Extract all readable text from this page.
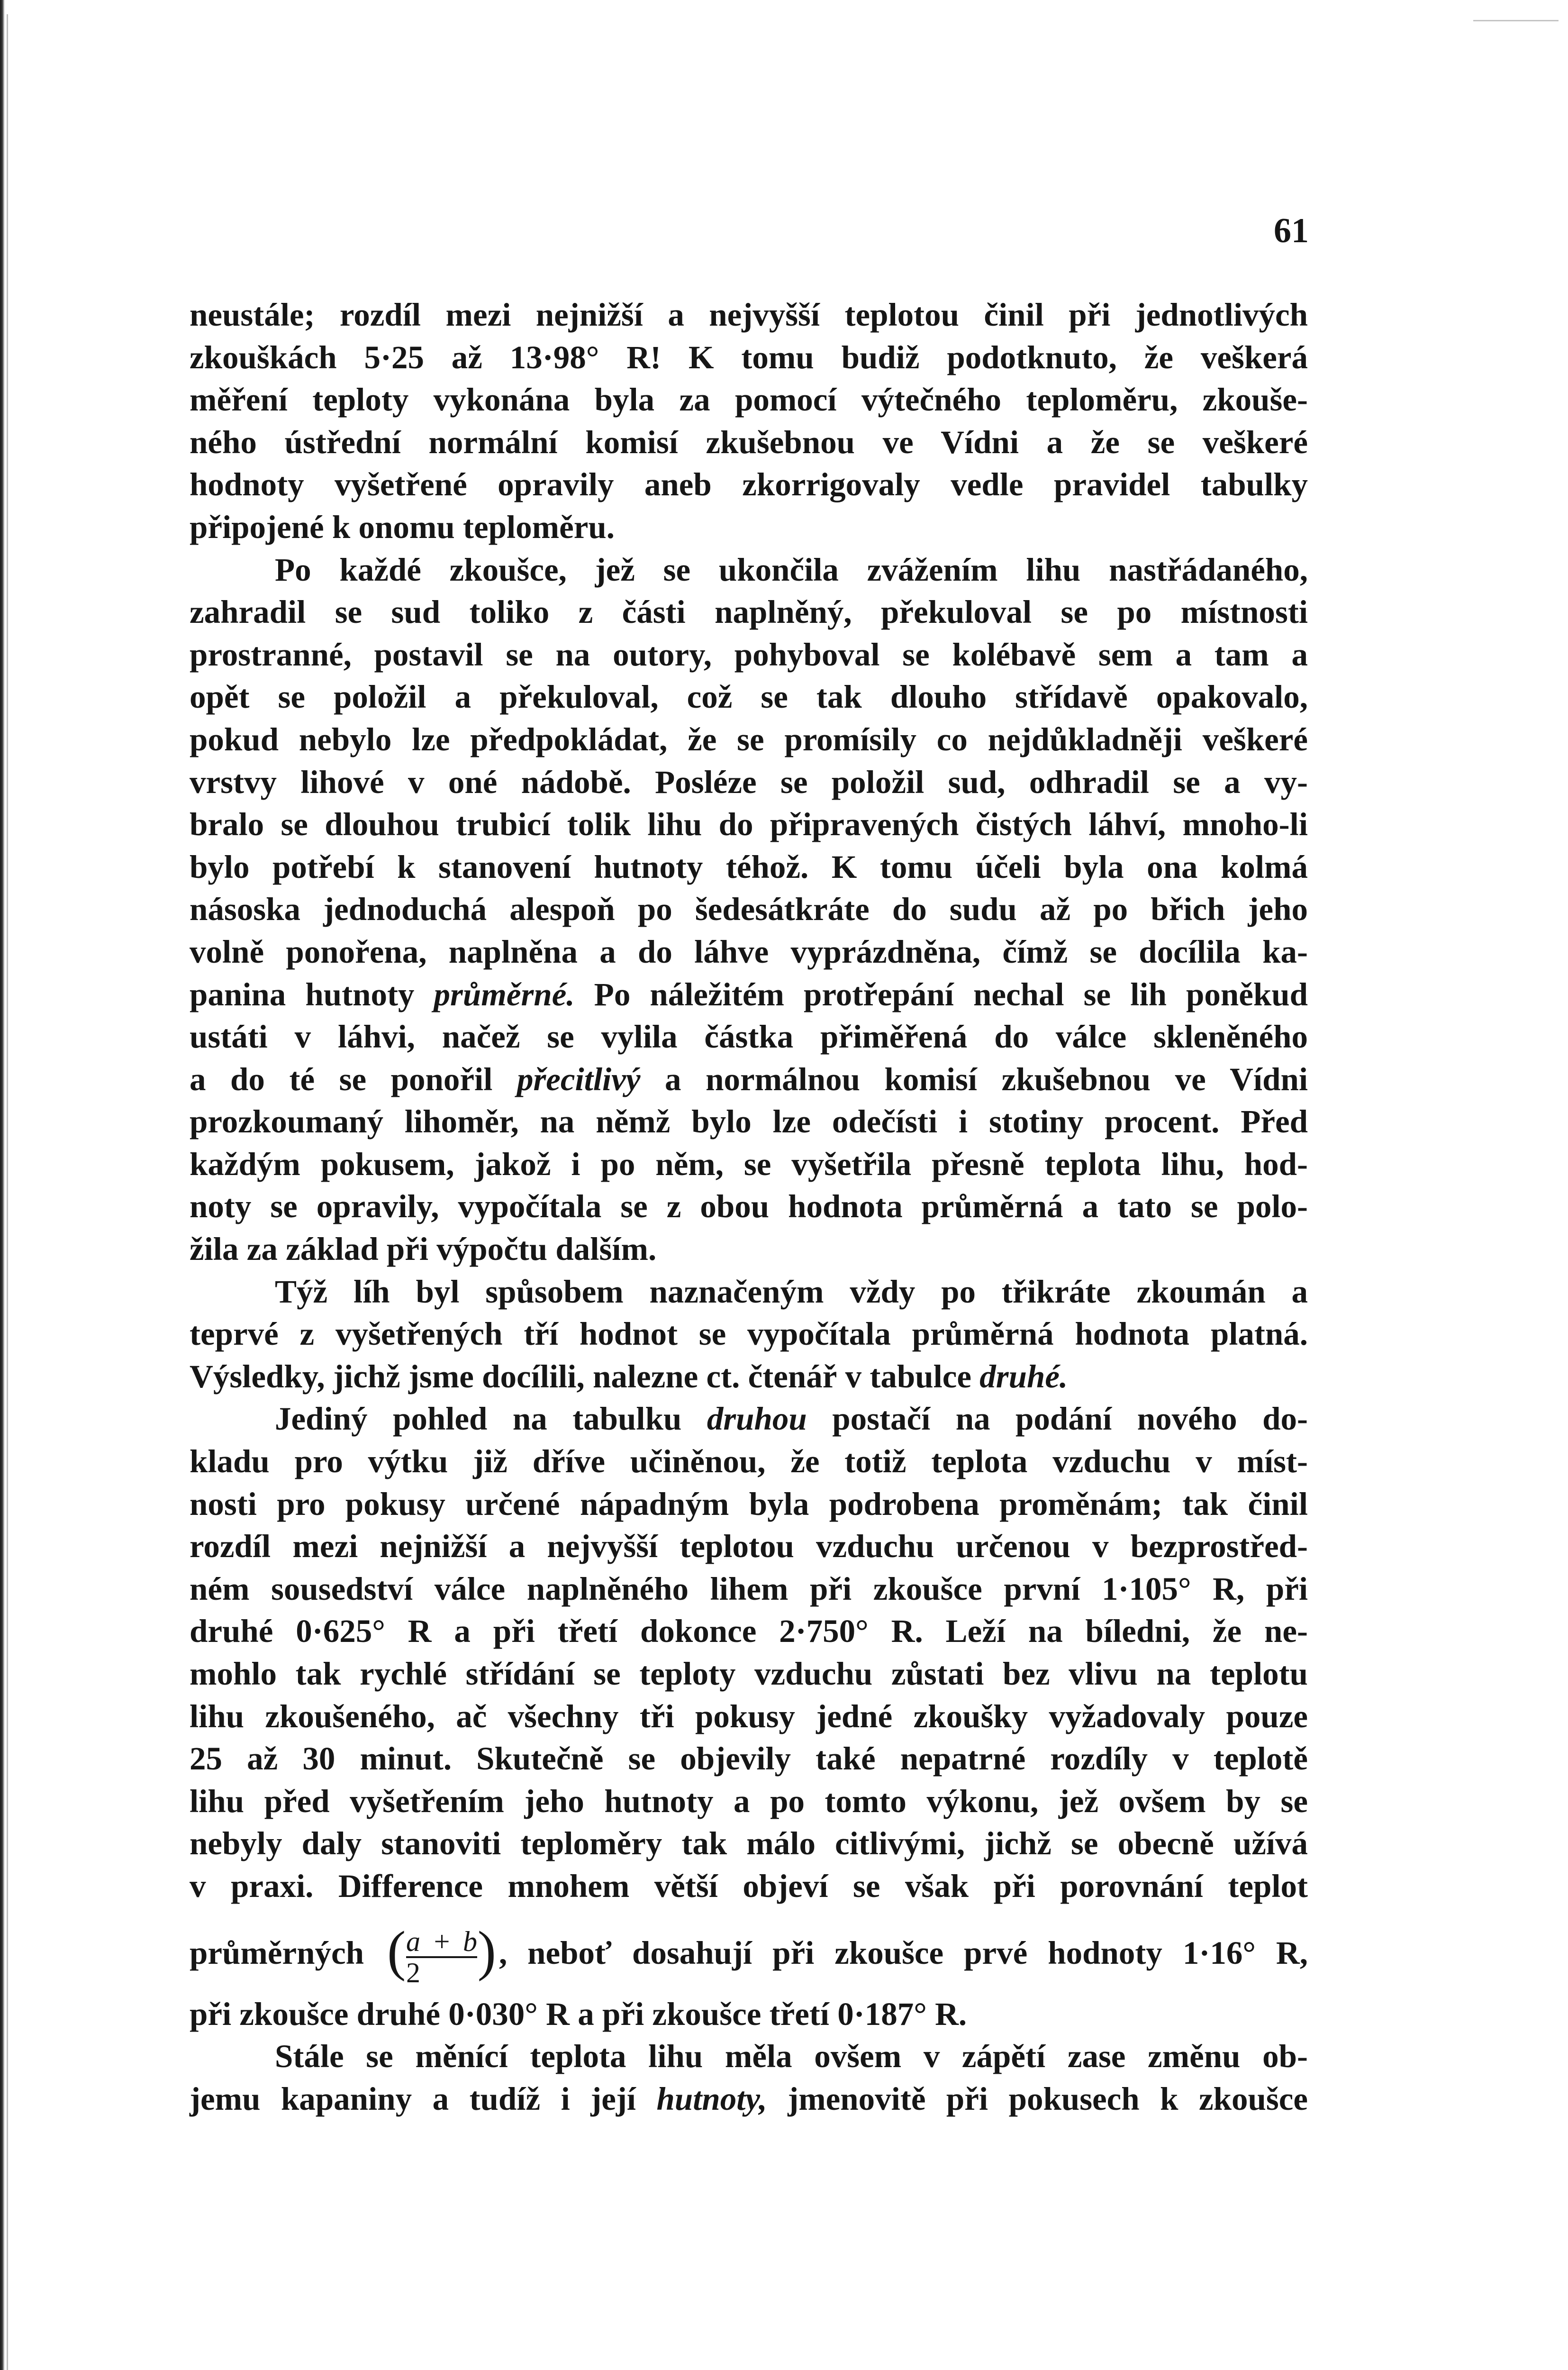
61
neustále; rozdíl mezi nejnižší a nejvyšší teplotou činil při jednotlivých
zkouškách 5·25 až 13·98° R! K tomu budiž podotknuto, že veškerá
měření teploty vykonána byla za pomocí výtečného teploměru, zkouše-
ného ústřední normální komisí zkušebnou ve Vídni a že se veškeré
hodnoty vyšetřené opravily aneb zkorrigovaly vedle pravidel tabulky
připojené k onomu teploměru.
Po každé zkoušce, jež se ukončila zvážením lihu nastřádaného,
zahradil se sud toliko z části naplněný, překuloval se po místnosti
prostranné, postavil se na outory, pohyboval se kolébavě sem a tam a
opět se položil a překuloval, což se tak dlouho střídavě opakovalo,
pokud nebylo lze předpokládat, že se promísily co nejdůkladněji veškeré
vrstvy lihové v oné nádobě. Posléze se položil sud, odhradil se a vy-
bralo se dlouhou trubicí tolik lihu do připravených čistých láhví, mnoho-li
bylo potřebí k stanovení hutnoty téhož. K tomu účeli byla ona kolmá
násoska jednoduchá alespoň po šedesátkráte do sudu až po břich jeho
volně ponořena, naplněna a do láhve vyprázdněna, čímž se docílila ka-
panina hutnoty průměrné. Po náležitém protřepání nechal se lih poněkud
ustáti v láhvi, načež se vylila částka přiměřená do válce skleněného
a do té se ponořil přecitlivý a normálnou komisí zkušebnou ve Vídni
prozkoumaný lihoměr, na němž bylo lze odečísti i stotiny procent. Před
každým pokusem, jakož i po něm, se vyšetřila přesně teplota lihu, hod-
noty se opravily, vypočítala se z obou hodnota průměrná a tato se polo-
žila za základ při výpočtu dalším.
Týž líh byl spůsobem naznačeným vždy po třikráte zkoumán a
teprvé z vyšetřených tří hodnot se vypočítala průměrná hodnota platná.
Výsledky, jichž jsme docílili, nalezne ct. čtenář v tabulce druhé.
Jediný pohled na tabulku druhou postačí na podání nového do-
kladu pro výtku již dříve učiněnou, že totiž teplota vzduchu v míst-
nosti pro pokusy určené nápadným byla podrobena proměnám; tak činil
rozdíl mezi nejnižší a nejvyšší teplotou vzduchu určenou v bezprostřed-
ném sousedství válce naplněného lihem při zkoušce první 1·105° R, při
druhé 0·625° R a při třetí dokonce 2·750° R. Leží na bíledni, že ne-
mohlo tak rychlé střídání se teploty vzduchu zůstati bez vlivu na teplotu
lihu zkoušeného, ač všechny tři pokusy jedné zkoušky vyžadovaly pouze
25 až 30 minut. Skutečně se objevily také nepatrné rozdíly v teplotě
lihu před vyšetřením jeho hutnoty a po tomto výkonu, jež ovšem by se
nebyly daly stanoviti teploměry tak málo citlivými, jichž se obecně užívá
v praxi. Difference mnohem větší objeví se však při porovnání teplot
průměrných ( a + b
2	) , neboť dosahují při zkoušce prvé hodnoty 1·16° R,
při zkoušce druhé 0·030° R a při zkoušce třetí 0·187° R.
Stále se měnící teplota lihu měla ovšem v zápětí zase změnu ob-
jemu kapaniny a tudíž i její hutnoty, jmenovitě při pokusech k zkoušce
